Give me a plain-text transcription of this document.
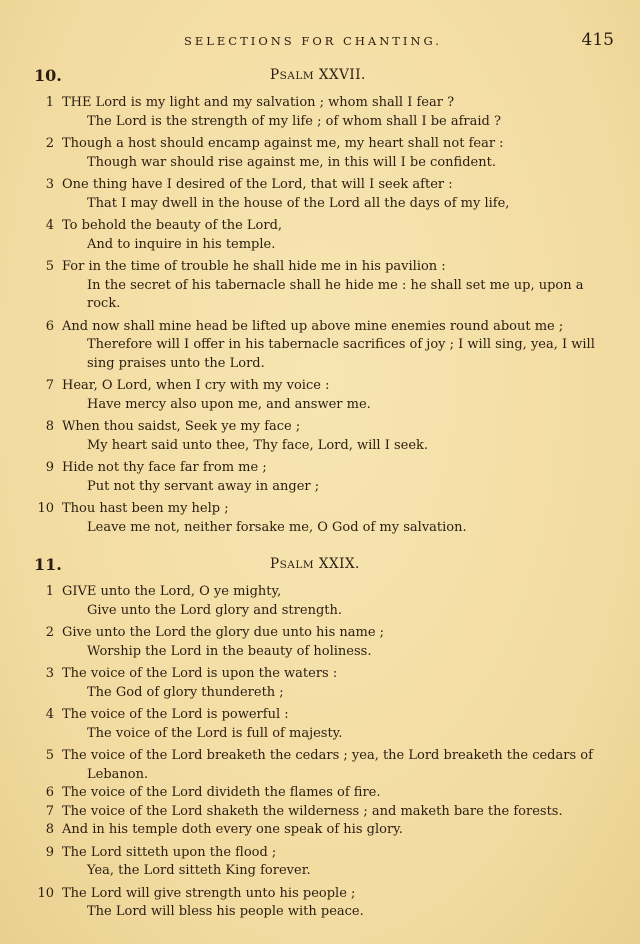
SELECTIONS FOR CHANTING.	415
10.	PSALM XXVII.
1 THE Lord is my light and my salvation ; whom shall I fear ?
The Lord is the strength of my life ; of whom shall I be afraid ?
2 Though a host should encamp against me, my heart shall not fear :
Though war should rise against me, in this will I be confident.
3 One thing have I desired of the Lord, that will I seek after :
That I may dwell in the house of the Lord all the days of my life,
4 To behold the beauty of the Lord,
And to inquire in his temple.
5 For in the time of trouble he shall hide me in his pavilion :
In the secret of his tabernacle shall he hide me : he shall set me up, upon a rock.
6 And now shall mine head be lifted up above mine enemies round about me ;
Therefore will I offer in his tabernacle sacrifices of joy ; I will sing, yea, I will sing praises unto the Lord.
7 Hear, O Lord, when I cry with my voice :
Have mercy also upon me, and answer me.
8 When thou saidst, Seek ye my face ;
My heart said unto thee, Thy face, Lord, will I seek.
9 Hide not thy face far from me ;
Put not thy servant away in anger ;
10 Thou hast been my help ;
Leave me not, neither forsake me, O God of my salvation.
11.	PSALM XXIX.
1 GIVE unto the Lord, O ye mighty,
Give unto the Lord glory and strength.
2 Give unto the Lord the glory due unto his name ;
Worship the Lord in the beauty of holiness.
3 The voice of the Lord is upon the waters :
The God of glory thundereth ;
4 The voice of the Lord is powerful :
The voice of the Lord is full of majesty.
5 The voice of the Lord breaketh the cedars ; yea, the Lord breaketh the cedars of
Lebanon.
6 The voice of the Lord divideth the flames of fire.
7 The voice of the Lord shaketh the wilderness ; and maketh bare the forests.
8 And in his temple doth every one speak of his glory.
9 The Lord sitteth upon the flood ;
Yea, the Lord sitteth King forever.
10 The Lord will give strength unto his people ;
The Lord will bless his people with peace.
